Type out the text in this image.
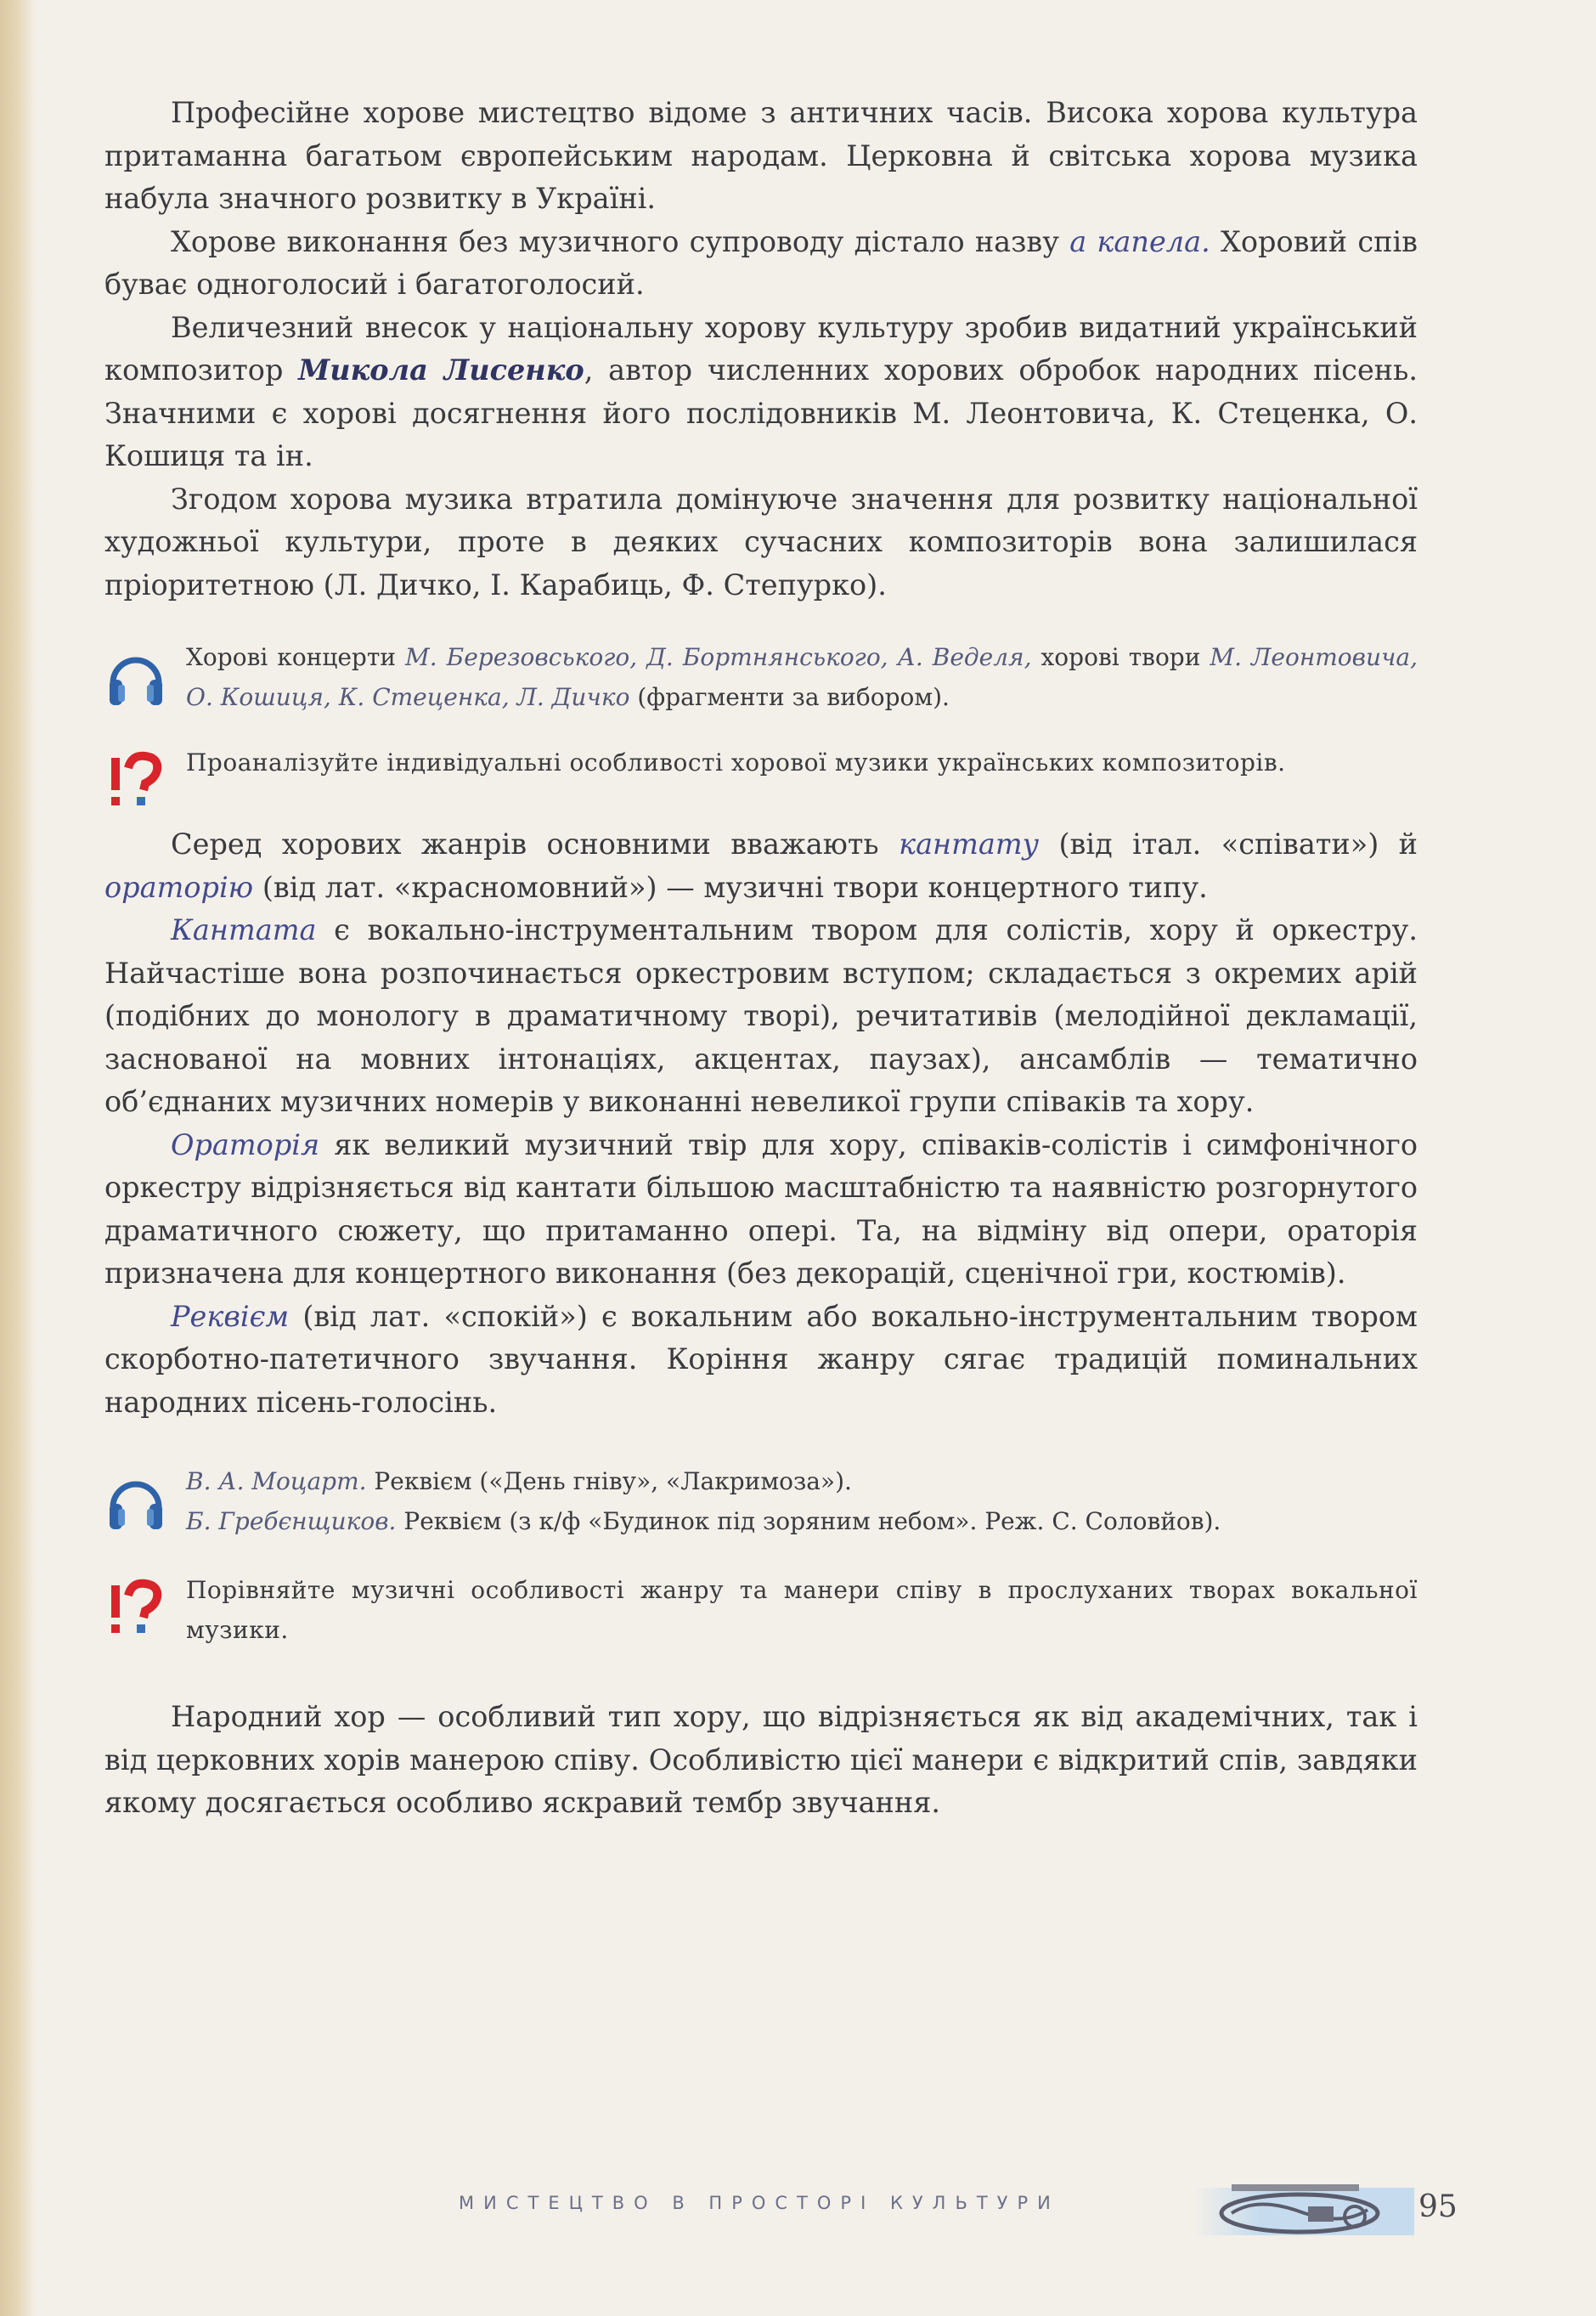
Професійне хорове мистецтво відоме з античних часів. Висока хорова культура притаманна багатьом європейським народам. Церковна й світська хорова музика набула значного розвитку в Україні.

Хорове виконання без музичного супроводу дістало назву а капела. Хоровий спів буває одноголосий і багатоголосий.

Величезний внесок у національну хорову культуру зробив видатний український композитор Микола Лисенко, автор численних хорових обробок народних пісень. Значними є хорові досягнення його послідовників М. Леонтовича, К. Стеценка, О. Кошиця та ін.

Згодом хорова музика втратила домінуюче значення для розвитку національної художньої культури, проте в деяких сучасних композиторів вона залишилася пріоритетною (Л. Дичко, І. Карабиць, Ф. Степурко).

Хорові концерти М. Березовського, Д. Бортнянського, А. Веделя, хорові твори М. Леонтовича, О. Кошиця, К. Стеценка, Л. Дичко (фрагменти за вибором).

Проаналізуйте індивідуальні особливості хорової музики українських композиторів.

Серед хорових жанрів основними вважають кантату (від італ. «співати») й ораторію (від лат. «красномовний») — музичні твори концертного типу.

Кантата є вокально-інструментальним твором для солістів, хору й оркестру. Найчастіше вона розпочинається оркестровим вступом; складається з окремих арій (подібних до монологу в драматичному творі), речитативів (мелодійної декламації, заснованої на мовних інтонаціях, акцентах, паузах), ансамблів — тематично об’єднаних музичних номерів у виконанні невеликої групи співаків та хору.

Ораторія як великий музичний твір для хору, співаків-солістів і симфонічного оркестру відрізняється від кантати більшою масштабністю та наявністю розгорнутого драматичного сюжету, що притаманно опері. Та, на відміну від опери, ораторія призначена для концертного виконання (без декорацій, сценічної гри, костюмів).

Реквієм (від лат. «спокій») є вокальним або вокально-інструментальним твором скорботно-патетичного звучання. Коріння жанру сягає традицій поминальних народних пісень-голосінь.

В. А. Моцарт. Реквієм («День гніву», «Лакримоза»).

Б. Гребєнщиков. Реквієм (з к/ф «Будинок під зоряним небом». Реж. С. Соловйов).

Порівняйте музичні особливості жанру та манери співу в прослуханих творах вокальної музики.

Народний хор — особливий тип хору, що відрізняється як від академічних, так і від церковних хорів манерою співу. Особливістю цієї манери є відкритий спів, завдяки якому досягається особливо яскравий тембр звучання.

МИСТЕЦТВО В ПРОСТОРІ КУЛЬТУРИ	95
